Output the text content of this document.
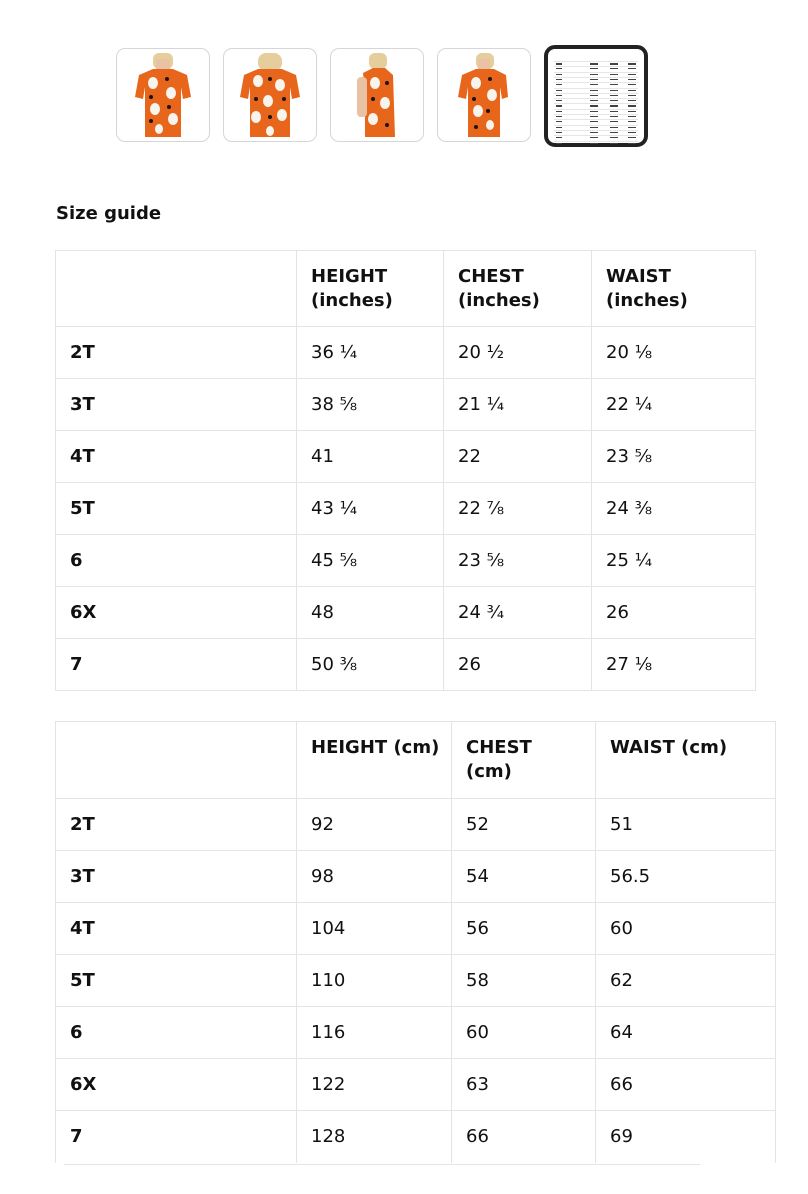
Size guide
	HEIGHT (inches)	CHEST (inches)	WAIST (inches)
2T	36 ¼	20 ½	20 ⅛
3T	38 ⅝	21 ¼	22 ¼
4T	41	22	23 ⅝
5T	43 ¼	22 ⅞	24 ⅜
6	45 ⅝	23 ⅝	25 ¼
6X	48	24 ¾	26
7	50 ⅜	26	27 ⅛
	HEIGHT (cm)	CHEST (cm)	WAIST (cm)
2T	92	52	51
3T	98	54	56.5
4T	104	56	60
5T	110	58	62
6	116	60	64
6X	122	63	66
7	128	66	69
